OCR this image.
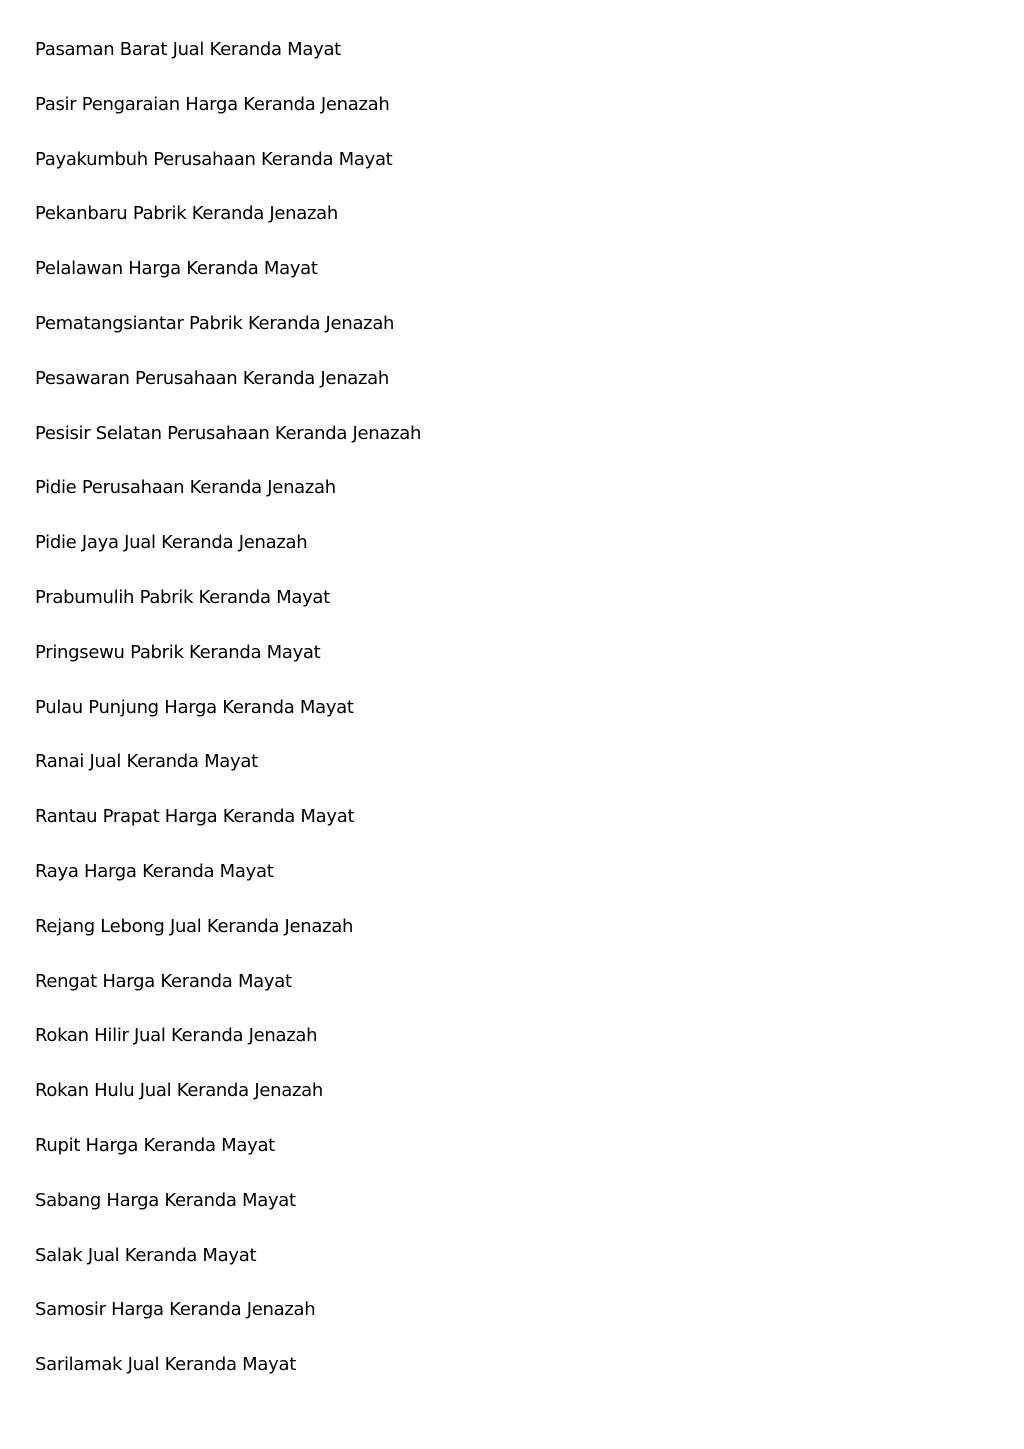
Pasaman Barat Jual Keranda Mayat
Pasir Pengaraian Harga Keranda Jenazah
Payakumbuh Perusahaan Keranda Mayat
Pekanbaru Pabrik Keranda Jenazah
Pelalawan Harga Keranda Mayat
Pematangsiantar Pabrik Keranda Jenazah
Pesawaran Perusahaan Keranda Jenazah
Pesisir Selatan Perusahaan Keranda Jenazah
Pidie Perusahaan Keranda Jenazah
Pidie Jaya Jual Keranda Jenazah
Prabumulih Pabrik Keranda Mayat
Pringsewu Pabrik Keranda Mayat
Pulau Punjung Harga Keranda Mayat
Ranai Jual Keranda Mayat
Rantau Prapat Harga Keranda Mayat
Raya Harga Keranda Mayat
Rejang Lebong Jual Keranda Jenazah
Rengat Harga Keranda Mayat
Rokan Hilir Jual Keranda Jenazah
Rokan Hulu Jual Keranda Jenazah
Rupit Harga Keranda Mayat
Sabang Harga Keranda Mayat
Salak Jual Keranda Mayat
Samosir Harga Keranda Jenazah
Sarilamak Jual Keranda Mayat
